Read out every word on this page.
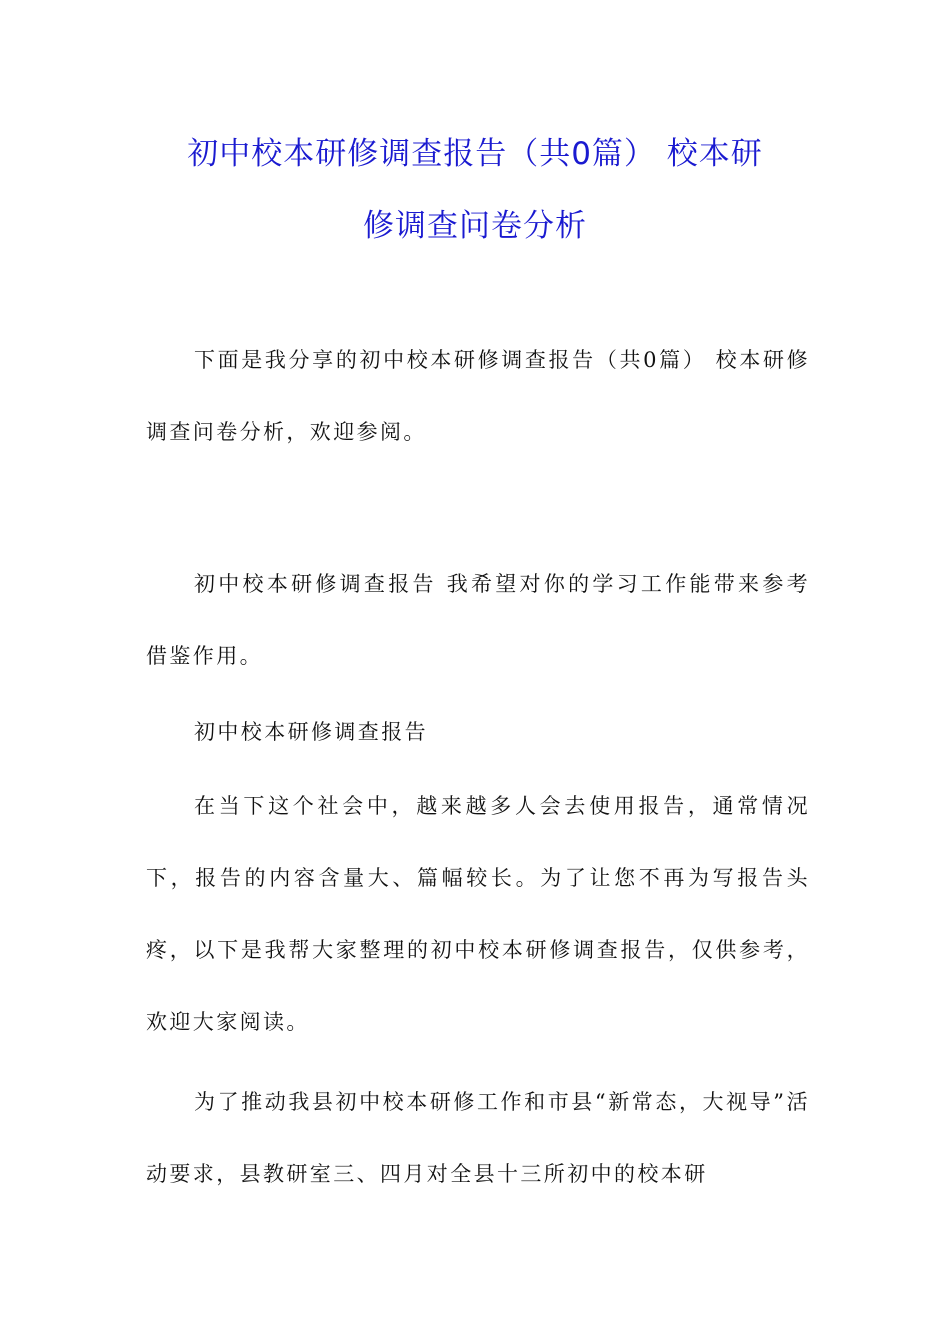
初中校本研修调查报告（共0篇） 校本研
修调查问卷分析

下面是我分享的初中校本研修调查报告（共0篇） 校本研修调查问卷分析，欢迎参阅。

初中校本研修调查报告 我希望对你的学习工作能带来参考借鉴作用。

初中校本研修调查报告

在当下这个社会中，越来越多人会去使用报告，通常情况下，报告的内容含量大、篇幅较长。为了让您不再为写报告头疼，以下是我帮大家整理的初中校本研修调查报告，仅供参考，欢迎大家阅读。

为了推动我县初中校本研修工作和市县“新常态，大视导”活动要求，县教研室三、四月对全县十三所初中的校本研
